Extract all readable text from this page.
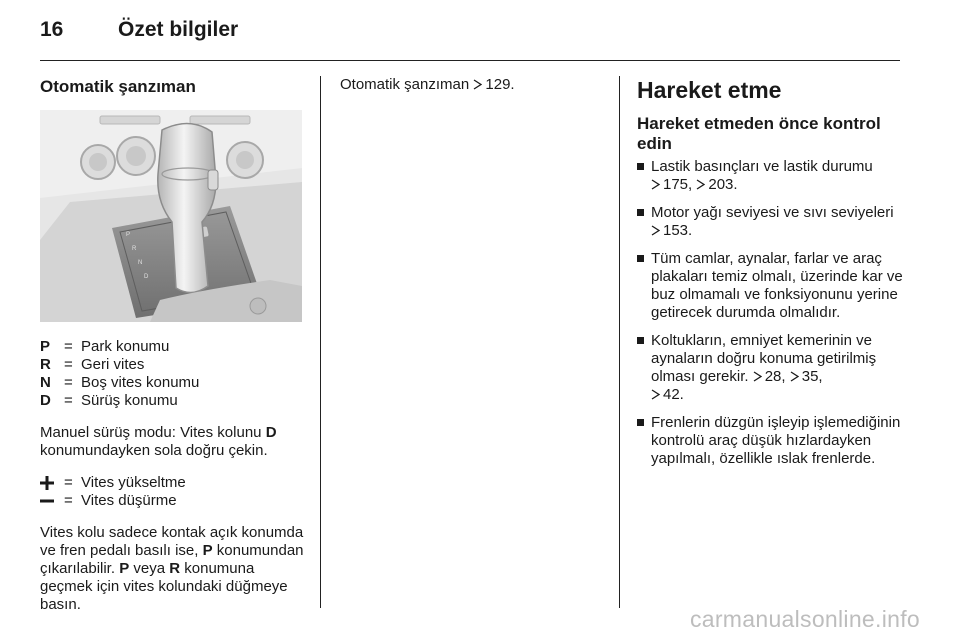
16	Özet bilgiler
Otomatik şanzıman
P
R
N
D
P = Park konumu
R = Geri vites
N = Boş vites konumu
D = Sürüş konumu

Manuel sürüş modu: Vites kolunu D konumundayken sola doğru çekin.

= Vites yükseltme
= Vites düşürme

Vites kolu sadece kontak açık konumda ve fren pedalı basılı ise, P konumundan çıkarılabilir. P veya R konumuna geçmek için vites kolundaki düğmeye basın.

Otomatik şanzıman 129.	Hareket etme
Hareket etmeden önce kontrol edin
Lastik basınçları ve lastik durumu
175, 203.
Motor yağı seviyesi ve sıvı seviyeleri 153.
Tüm camlar, aynalar, farlar ve araç plakaları temiz olmalı, üzerinde kar ve buz olmamalı ve fonksiyonunu yerine getirecek durumda olmalıdır.
Koltukların, emniyet kemerinin ve aynaların doğru konuma getirilmiş olması gerekir. 28, 35,
42.
Frenlerin düzgün işleyip işlemediğinin kontrolü araç düşük hızlardayken yapılmalı, özellikle ıslak frenlerde.
carmanualsonline.info
